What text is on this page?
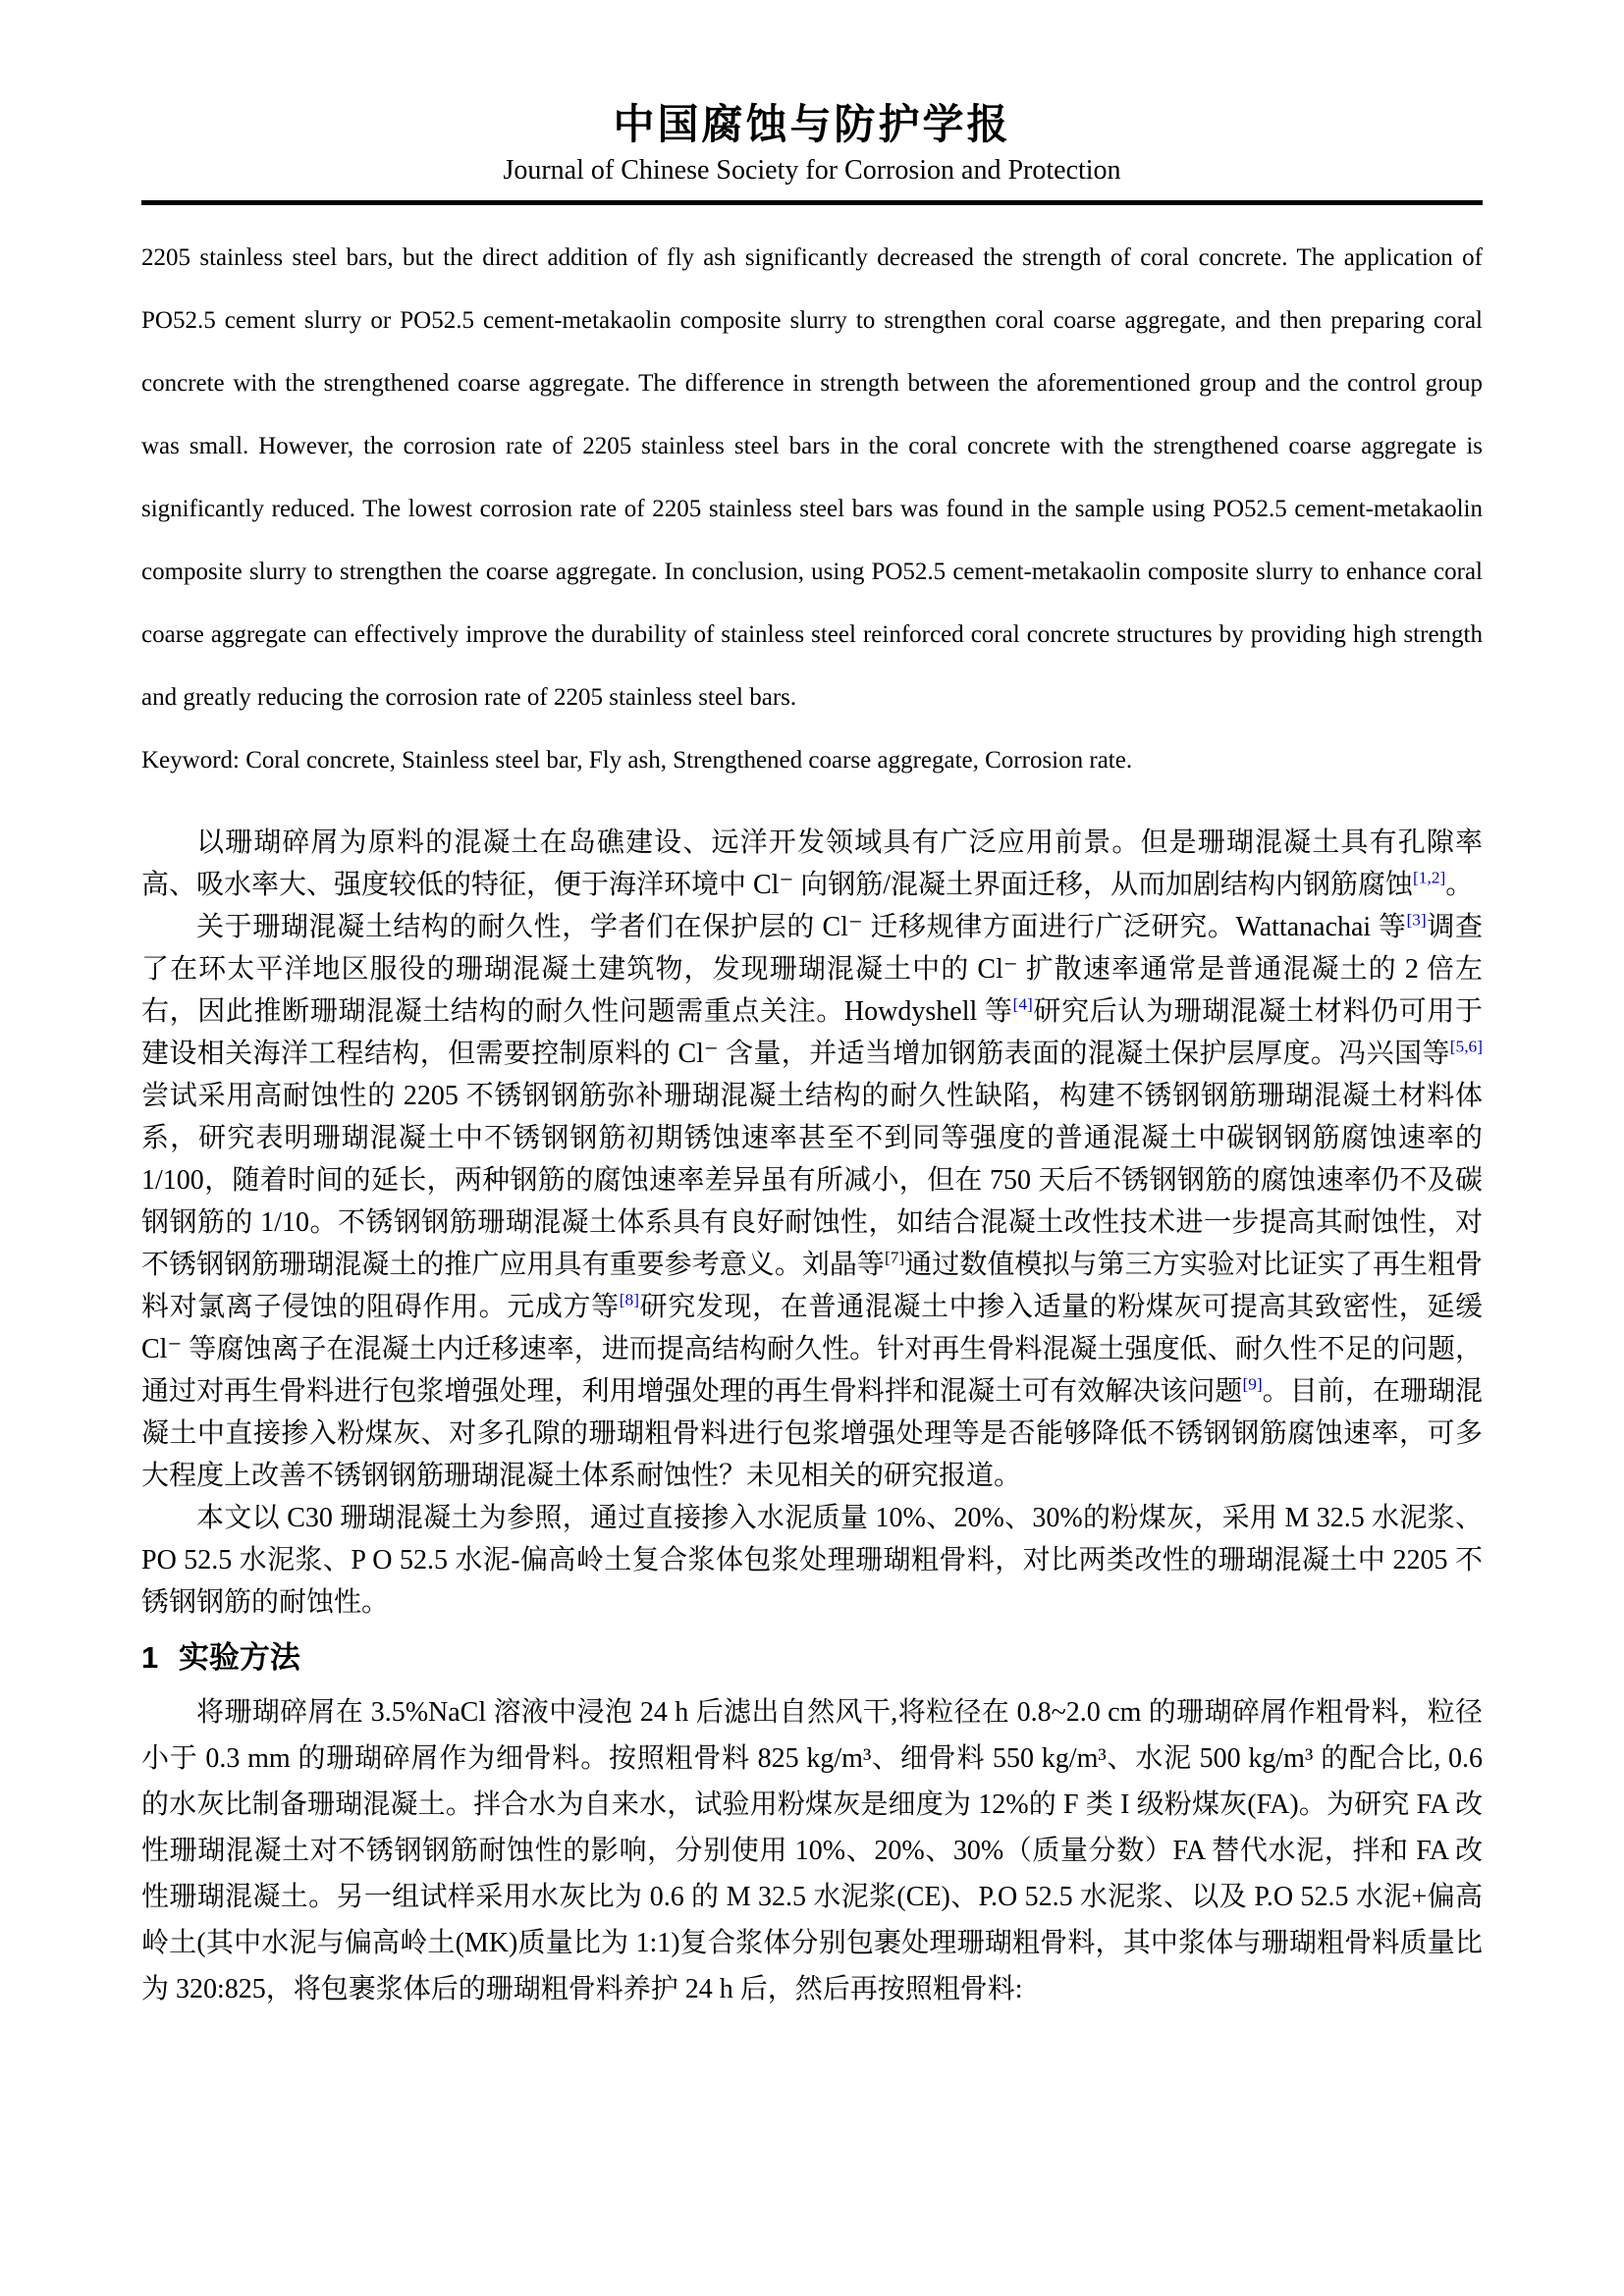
中国腐蚀与防护学报
Journal of Chinese Society for Corrosion and Protection

2205 stainless steel bars, but the direct addition of fly ash significantly decreased the strength of coral concrete. The application of PO52.5 cement slurry or PO52.5 cement-metakaolin composite slurry to strengthen coral coarse aggregate, and then preparing coral concrete with the strengthened coarse aggregate. The difference in strength between the aforementioned group and the control group was small. However, the corrosion rate of 2205 stainless steel bars in the coral concrete with the strengthened coarse aggregate is significantly reduced. The lowest corrosion rate of 2205 stainless steel bars was found in the sample using PO52.5 cement-metakaolin composite slurry to strengthen the coarse aggregate. In conclusion, using PO52.5 cement-metakaolin composite slurry to enhance coral coarse aggregate can effectively improve the durability of stainless steel reinforced coral concrete structures by providing high strength and greatly reducing the corrosion rate of 2205 stainless steel bars.

Keyword: Coral concrete, Stainless steel bar, Fly ash, Strengthened coarse aggregate, Corrosion rate.

以珊瑚碎屑为原料的混凝土在岛礁建设、远洋开发领域具有广泛应用前景。但是珊瑚混凝土具有孔隙率高、吸水率大、强度较低的特征，便于海洋环境中 Cl⁻ 向钢筋/混凝土界面迁移，从而加剧结构内钢筋腐蚀[1,2]。

关于珊瑚混凝土结构的耐久性，学者们在保护层的 Cl⁻ 迁移规律方面进行广泛研究。Wattanachai 等[3]调查了在环太平洋地区服役的珊瑚混凝土建筑物，发现珊瑚混凝土中的 Cl⁻ 扩散速率通常是普通混凝土的 2 倍左右，因此推断珊瑚混凝土结构的耐久性问题需重点关注。Howdyshell 等[4]研究后认为珊瑚混凝土材料仍可用于建设相关海洋工程结构，但需要控制原料的 Cl⁻ 含量，并适当增加钢筋表面的混凝土保护层厚度。冯兴国等[5,6]尝试采用高耐蚀性的 2205 不锈钢钢筋弥补珊瑚混凝土结构的耐久性缺陷，构建不锈钢钢筋珊瑚混凝土材料体系，研究表明珊瑚混凝土中不锈钢钢筋初期锈蚀速率甚至不到同等强度的普通混凝土中碳钢钢筋腐蚀速率的 1/100，随着时间的延长，两种钢筋的腐蚀速率差异虽有所减小，但在 750 天后不锈钢钢筋的腐蚀速率仍不及碳钢钢筋的 1/10。不锈钢钢筋珊瑚混凝土体系具有良好耐蚀性，如结合混凝土改性技术进一步提高其耐蚀性，对不锈钢钢筋珊瑚混凝土的推广应用具有重要参考意义。刘晶等[7]通过数值模拟与第三方实验对比证实了再生粗骨料对氯离子侵蚀的阻碍作用。元成方等[8]研究发现，在普通混凝土中掺入适量的粉煤灰可提高其致密性，延缓 Cl⁻ 等腐蚀离子在混凝土内迁移速率，进而提高结构耐久性。针对再生骨料混凝土强度低、耐久性不足的问题，通过对再生骨料进行包浆增强处理，利用增强处理的再生骨料拌和混凝土可有效解决该问题[9]。目前，在珊瑚混凝土中直接掺入粉煤灰、对多孔隙的珊瑚粗骨料进行包浆增强处理等是否能够降低不锈钢钢筋腐蚀速率，可多大程度上改善不锈钢钢筋珊瑚混凝土体系耐蚀性？未见相关的研究报道。

本文以 C30 珊瑚混凝土为参照，通过直接掺入水泥质量 10%、20%、30%的粉煤灰，采用 M 32.5 水泥浆、PO 52.5 水泥浆、P O 52.5 水泥-偏高岭土复合浆体包浆处理珊瑚粗骨料，对比两类改性的珊瑚混凝土中 2205 不锈钢钢筋的耐蚀性。

1 实验方法

将珊瑚碎屑在 3.5%NaCl 溶液中浸泡 24 h 后滤出自然风干,将粒径在 0.8~2.0 cm 的珊瑚碎屑作粗骨料，粒径小于 0.3 mm 的珊瑚碎屑作为细骨料。按照粗骨料 825 kg/m³、细骨料 550 kg/m³、水泥 500 kg/m³ 的配合比, 0.6 的水灰比制备珊瑚混凝土。拌合水为自来水，试验用粉煤灰是细度为 12%的 F 类 I 级粉煤灰(FA)。为研究 FA 改性珊瑚混凝土对不锈钢钢筋耐蚀性的影响，分别使用 10%、20%、30%（质量分数）FA 替代水泥，拌和 FA 改性珊瑚混凝土。另一组试样采用水灰比为 0.6 的 M 32.5 水泥浆(CE)、P.O 52.5 水泥浆、以及 P.O 52.5 水泥+偏高岭土(其中水泥与偏高岭土(MK)质量比为 1:1)复合浆体分别包裹处理珊瑚粗骨料，其中浆体与珊瑚粗骨料质量比为 320:825，将包裹浆体后的珊瑚粗骨料养护 24 h 后，然后再按照粗骨料:
